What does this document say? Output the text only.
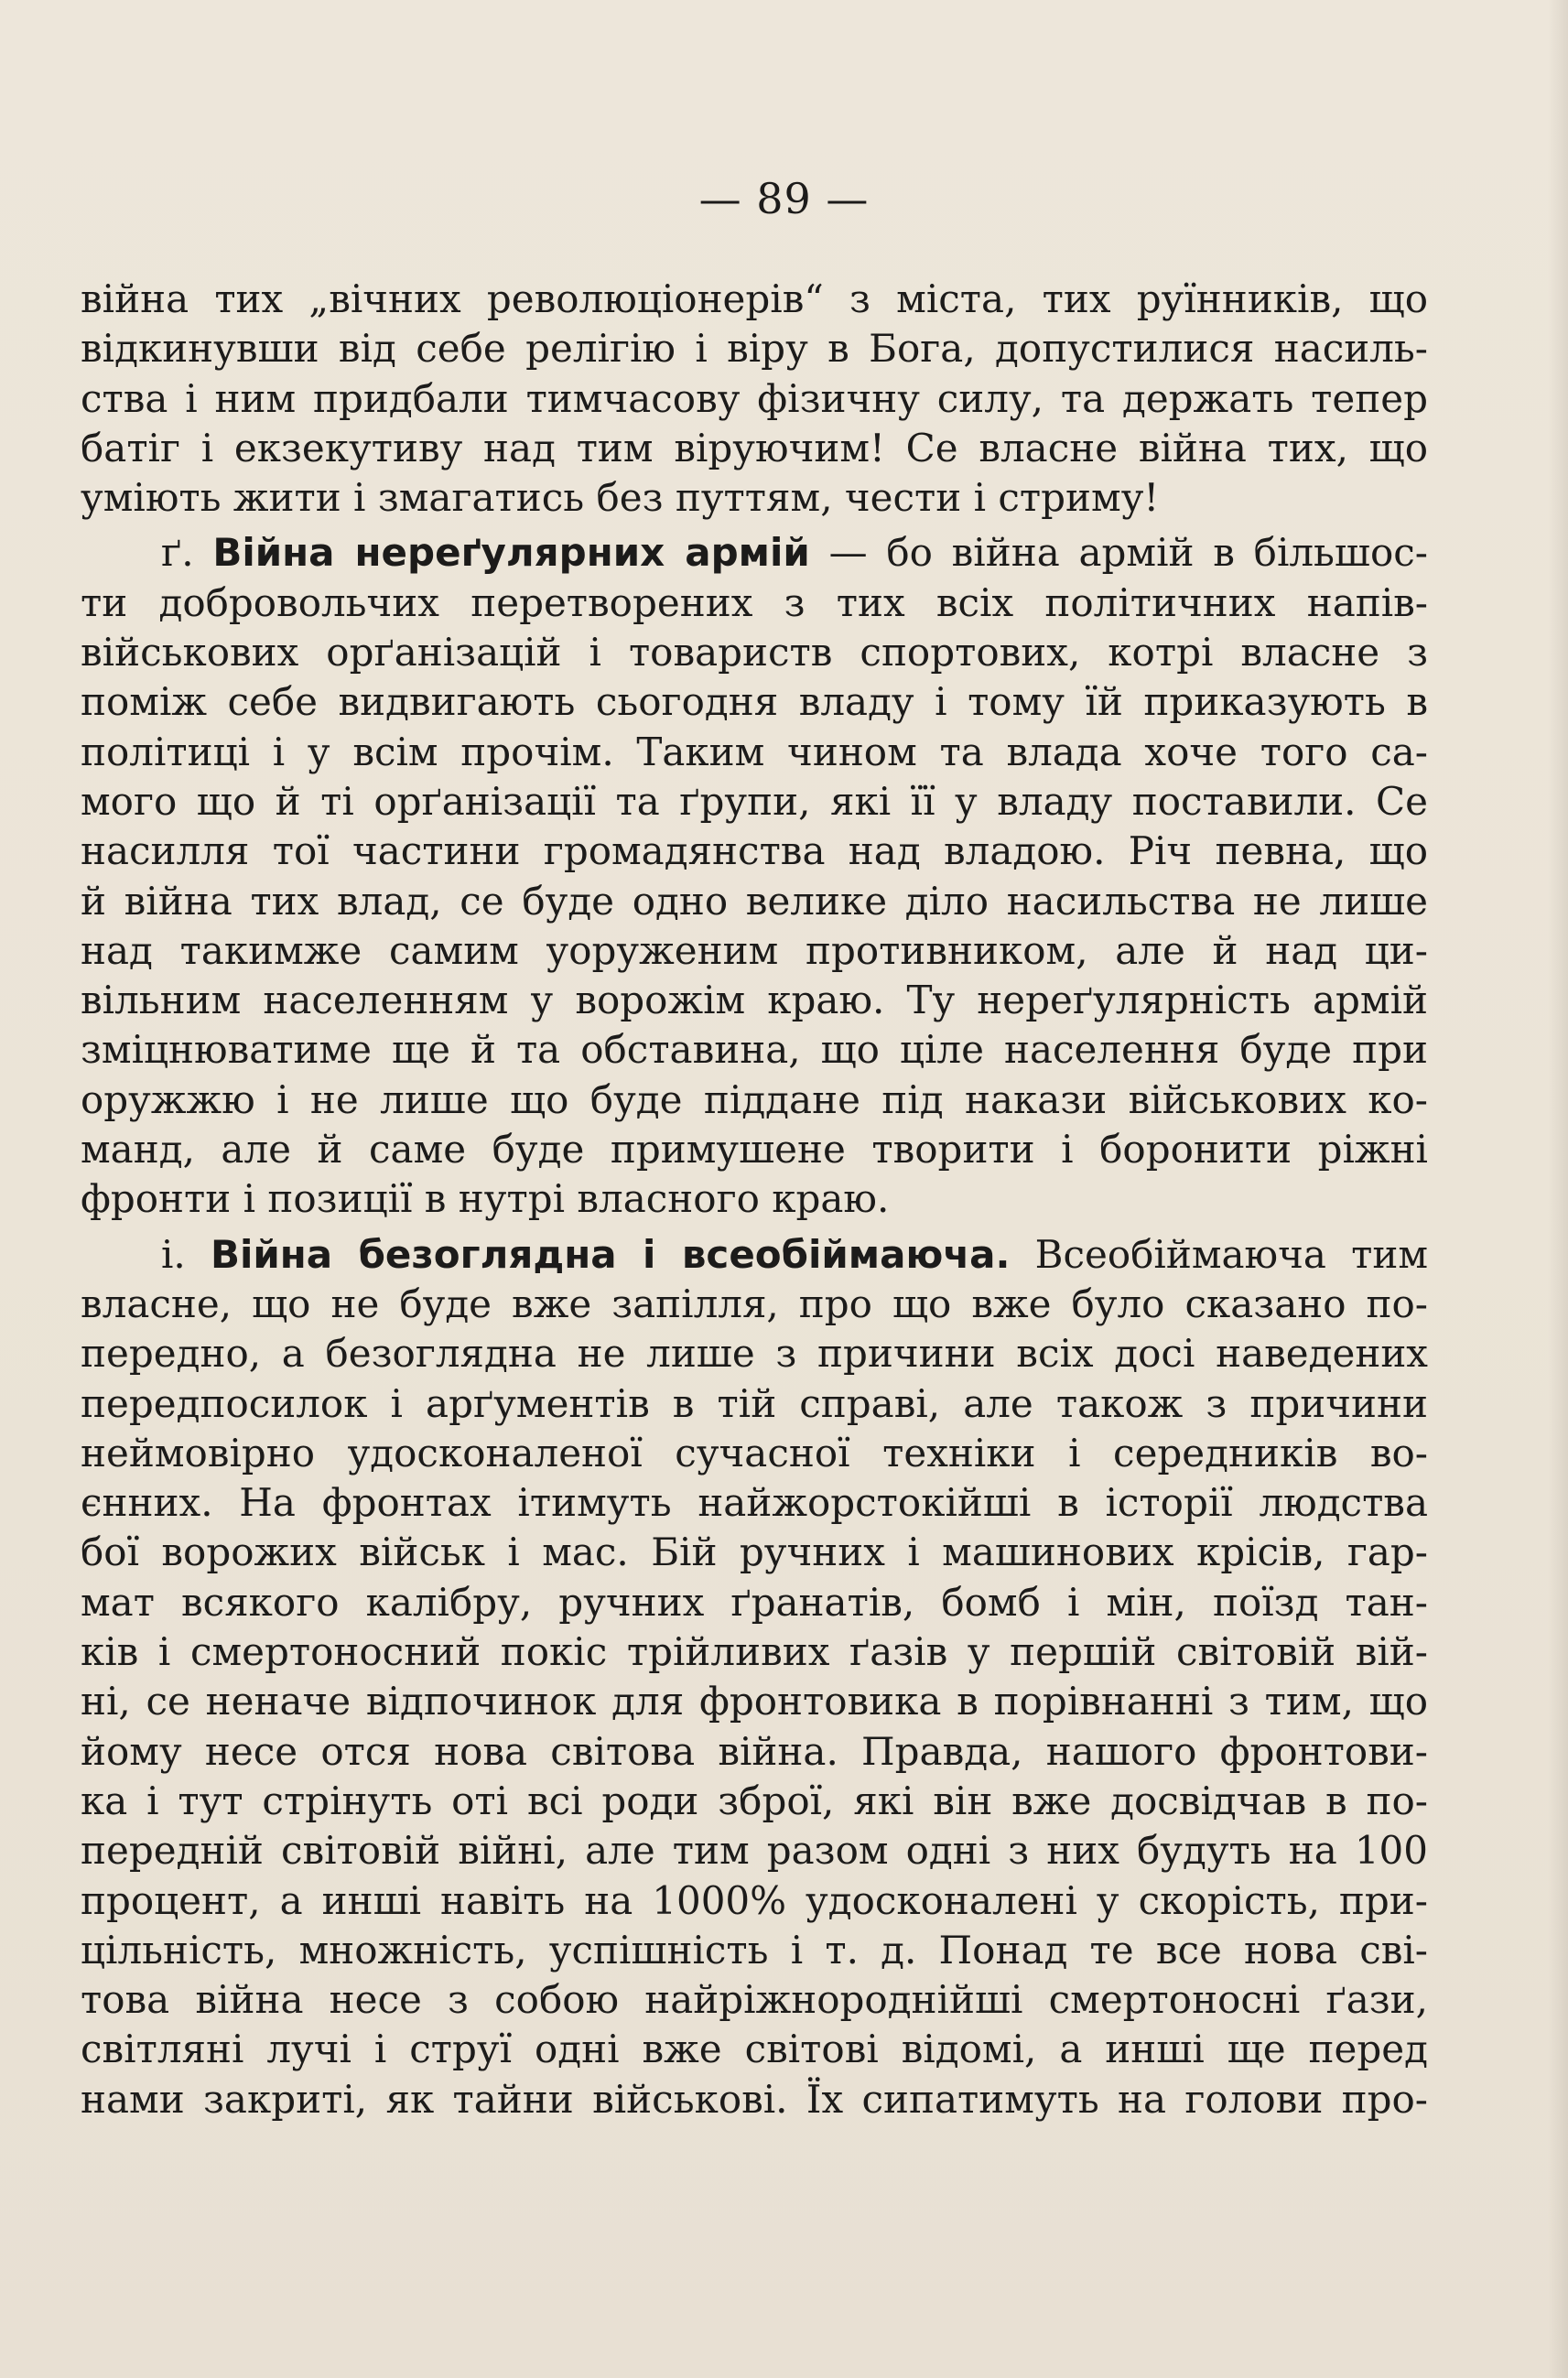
— 89 —
війна тих „вічних революціонерів“ з міста, тих руїнників, що
відкинувши від себе релігію і віру в Бога, допустилися насиль-
ства і ним придбали тимчасову фізичну силу, та держать тепер
батіг і екзекутиву над тим віруючим! Се власне війна тих, що
уміють жити і змагатись без путтям, чести і стриму!
ґ. Війна нереґулярних армій — бо війна армій в більшос-
ти добровольчих перетворених з тих всіх політичних напів-
військових орґанізацій і товариств спортових, котрі власне з
поміж себе видвигають сьогодня владу і тому їй приказують в
політиці і у всім прочім. Таким чином та влада хоче того са-
мого що й ті орґанізації та ґрупи, які її у владу поставили. Се
насилля тої частини громадянства над владою. Річ певна, що
й війна тих влад, се буде одно велике діло насильства не лише
над такимже самим уоруженим противником, але й над ци-
вільним населенням у ворожім краю. Ту нереґулярність армій
зміцнюватиме ще й та обставина, що ціле населення буде при
оружжю і не лише що буде піддане під накази військових ко-
манд, але й саме буде примушене творити і боронити ріжні
фронти і позиції в нутрі власного краю.
і. Війна безоглядна і всеобіймаюча. Всеобіймаюча тим
власне, що не буде вже запілля, про що вже було сказано по-
передно, а безоглядна не лише з причини всіх досі наведених
передпосилок і арґументів в тій справі, але також з причини
неймовірно удосконаленої сучасної техніки і середників во-
єнних. На фронтах ітимуть найжорстокійші в історії людства
бої ворожих військ і мас. Бій ручних і машинових крісів, гар-
мат всякого калібру, ручних ґранатів, бомб і мін, поїзд тан-
ків і смертоносний покіс трійливих ґазів у першій світовій вій-
ні, се неначе відпочинок для фронтовика в порівнанні з тим, що
йому несе отся нова світова війна. Правда, нашого фронтови-
ка і тут стрінуть оті всі роди зброї, які він вже досвідчав в по-
передній світовій війні, але тим разом одні з них будуть на 100
процент, а инші навіть на 1000% удосконалені у скорість, при-
цільність, множність, успішність і т. д. Понад те все нова сві-
това війна несе з собою найріжнороднійші смертоносні ґази,
світляні лучі і струї одні вже світові відомі, а инші ще перед
нами закриті, як тайни військові. Їх сипатимуть на голови про-
